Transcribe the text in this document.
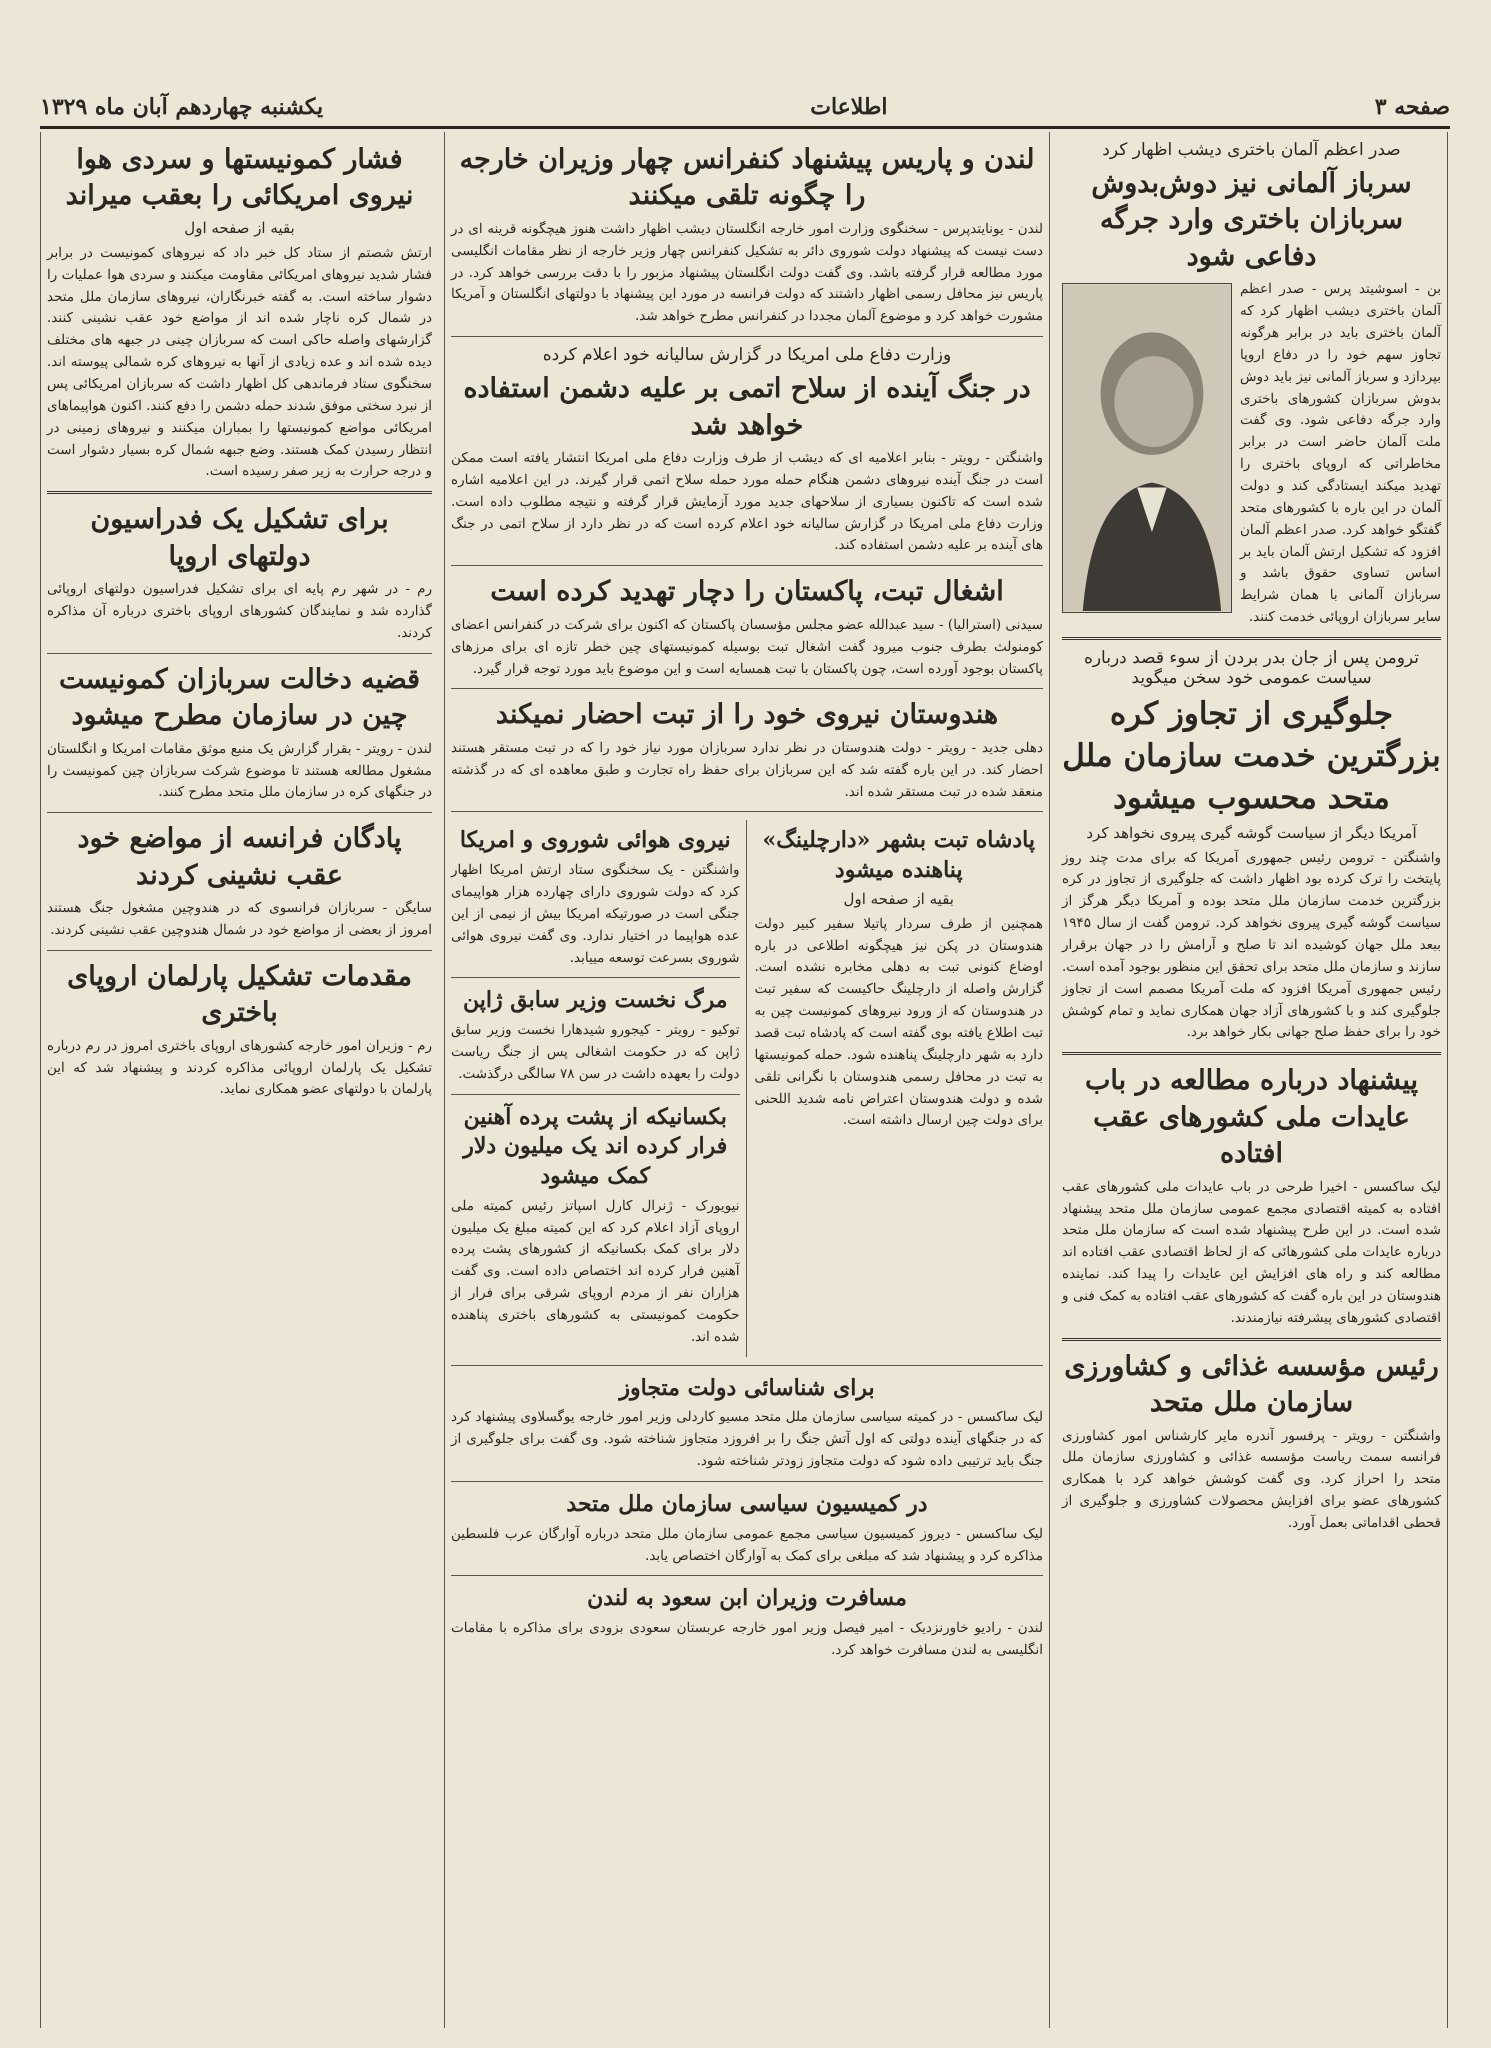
صفحه ۳
اطلاعات
یکشنبه چهاردهم آبان ماه ۱۳۲۹
صدر اعظم آلمان باختری دیشب اظهار کرد
سرباز آلمانی نیز دوش‌بدوش سربازان باختری وارد جرگه دفاعی شود
بن - اسوشیتد پرس - صدر اعظم آلمان باختری دیشب اظهار کرد که آلمان باختری باید در برابر هرگونه تجاوز سهم خود را در دفاع اروپا بپردازد و سرباز آلمانی نیز باید دوش بدوش سربازان کشورهای باختری وارد جرگه دفاعی شود. وی گفت ملت آلمان حاضر است در برابر مخاطراتی که اروپای باختری را تهدید میکند ایستادگی کند و دولت آلمان در این باره با کشورهای متحد گفتگو خواهد کرد. صدر اعظم آلمان افزود که تشکیل ارتش آلمان باید بر اساس تساوی حقوق باشد و سربازان آلمانی با همان شرایط سایر سربازان اروپائی خدمت کنند.
ترومن پس از جان بدر بردن از سوء قصد درباره سیاست عمومی خود سخن میگوید
جلوگیری از تجاوز کره بزرگترین خدمت سازمان ملل متحد محسوب میشود
آمریکا دیگر از سیاست گوشه گیری پیروی نخواهد کرد
واشنگتن - ترومن رئیس جمهوری آمریکا که برای مدت چند روز پایتخت را ترک کرده بود اظهار داشت که جلوگیری از تجاوز در کره بزرگترین خدمت سازمان ملل متحد بوده و آمریکا دیگر هرگز از سیاست گوشه گیری پیروی نخواهد کرد. ترومن گفت از سال ۱۹۴۵ ببعد ملل جهان کوشیده اند تا صلح و آرامش را در جهان برقرار سازند و سازمان ملل متحد برای تحقق این منظور بوجود آمده است. رئیس جمهوری آمریکا افزود که ملت آمریکا مصمم است از تجاوز جلوگیری کند و با کشورهای آزاد جهان همکاری نماید و تمام کوشش خود را برای حفظ صلح جهانی بکار خواهد برد.
پیشنهاد درباره مطالعه در باب عایدات ملی کشورهای عقب افتاده
لیک ساکسس - اخیرا طرحی در باب عایدات ملی کشورهای عقب افتاده به کمیته اقتصادی مجمع عمومی سازمان ملل متحد پیشنهاد شده است. در این طرح پیشنهاد شده است که سازمان ملل متحد درباره عایدات ملی کشورهائی که از لحاظ اقتصادی عقب افتاده اند مطالعه کند و راه های افزایش این عایدات را پیدا کند. نماینده هندوستان در این باره گفت که کشورهای عقب افتاده به کمک فنی و اقتصادی کشورهای پیشرفته نیازمندند.
رئیس مؤسسه غذائی و کشاورزی سازمان ملل متحد
واشنگتن - رویتر - پرفسور آندره مایر کارشناس امور کشاورزی فرانسه سمت ریاست مؤسسه غذائی و کشاورزی سازمان ملل متحد را احراز کرد. وی گفت کوشش خواهد کرد با همکاری کشورهای عضو برای افزایش محصولات کشاورزی و جلوگیری از قحطی اقداماتی بعمل آورد.
لندن و پاریس پیشنهاد کنفرانس چهار وزیران خارجه را چگونه تلقی میکنند
لندن - یونایتدپرس - سخنگوی وزارت امور خارجه انگلستان دیشب اظهار داشت هنوز هیچگونه قرینه ای در دست نیست که پیشنهاد دولت شوروی دائر به تشکیل کنفرانس چهار وزیر خارجه از نظر مقامات انگلیسی مورد مطالعه قرار گرفته باشد. وی گفت دولت انگلستان پیشنهاد مزبور را با دقت بررسی خواهد کرد. در پاریس نیز محافل رسمی اظهار داشتند که دولت فرانسه در مورد این پیشنهاد با دولتهای انگلستان و آمریکا مشورت خواهد کرد و موضوع آلمان مجددا در کنفرانس مطرح خواهد شد.
وزارت دفاع ملی امریکا در گزارش سالیانه خود اعلام کرده
در جنگ آینده از سلاح اتمی بر علیه دشمن استفاده خواهد شد
واشنگتن - رویتر - بنابر اعلامیه ای که دیشب از طرف وزارت دفاع ملی امریکا انتشار یافته است ممکن است در جنگ آینده نیروهای دشمن هنگام حمله مورد حمله سلاح اتمی قرار گیرند. در این اعلامیه اشاره شده است که تاکنون بسیاری از سلاحهای جدید مورد آزمایش قرار گرفته و نتیجه مطلوب داده است. وزارت دفاع ملی امریکا در گزارش سالیانه خود اعلام کرده است که در نظر دارد از سلاح اتمی در جنگ های آینده بر علیه دشمن استفاده کند.
اشغال تبت، پاکستان را دچار تهدید کرده است
سیدنی (استرالیا) - سید عبدالله عضو مجلس مؤسسان پاکستان که اکنون برای شرکت در کنفرانس اعضای کومنولث بطرف جنوب میرود گفت اشغال تبت بوسیله کمونیستهای چین خطر تازه ای برای مرزهای پاکستان بوجود آورده است، چون پاکستان با تبت همسایه است و این موضوع باید مورد توجه قرار گیرد.
هندوستان نیروی خود را از تبت احضار نمیکند
دهلی جدید - رویتر - دولت هندوستان در نظر ندارد سربازان مورد نیاز خود را که در تبت مستقر هستند احضار کند. در این باره گفته شد که این سربازان برای حفظ راه تجارت و طبق معاهده ای که در گذشته منعقد شده در تبت مستقر شده اند.
پادشاه تبت بشهر «دارچلینگ» پناهنده میشود
بقیه از صفحه اول
همچنین از طرف سردار پاتیلا سفیر کبیر دولت هندوستان در پکن نیز هیچگونه اطلاعی در باره اوضاع کنونی تبت به دهلی مخابره نشده است. گزارش واصله از دارچلینگ حاکیست که سفیر تبت در هندوستان که از ورود نیروهای کمونیست چین به تبت اطلاع یافته بوی گفته است که پادشاه تبت قصد دارد به شهر دارچلینگ پناهنده شود. حمله کمونیستها به تبت در محافل رسمی هندوستان با نگرانی تلقی شده و دولت هندوستان اعتراض نامه شدید اللحنی برای دولت چین ارسال داشته است.
نیروی هوائی شوروی و امریکا
واشنگتن - یک سخنگوی ستاد ارتش امریکا اظهار کرد که دولت شوروی دارای چهارده هزار هواپیمای جنگی است در صورتیکه امریکا بیش از نیمی از این عده هواپیما در اختیار ندارد. وی گفت نیروی هوائی شوروی بسرعت توسعه مییابد.
مرگ نخست وزیر سابق ژاپن
توکیو - رویتر - کیجورو شیدهارا نخست وزیر سابق ژاپن که در حکومت اشغالی پس از جنگ ریاست دولت را بعهده داشت در سن ۷۸ سالگی درگذشت.
بکسانیکه از پشت پرده آهنین فرار کرده اند یک میلیون دلار کمک میشود
نیویورک - ژنرال کارل اسپاتز رئیس کمیته ملی اروپای آزاد اعلام کرد که این کمیته مبلغ یک میلیون دلار برای کمک بکسانیکه از کشورهای پشت پرده آهنین فرار کرده اند اختصاص داده است. وی گفت هزاران نفر از مردم اروپای شرقی برای فرار از حکومت کمونیستی به کشورهای باختری پناهنده شده اند.
برای شناسائی دولت متجاوز
لیک ساکسس - در کمیته سیاسی سازمان ملل متحد مسیو کاردلی وزیر امور خارجه یوگسلاوی پیشنهاد کرد که در جنگهای آینده دولتی که اول آتش جنگ را بر افروزد متجاوز شناخته شود. وی گفت برای جلوگیری از جنگ باید ترتیبی داده شود که دولت متجاوز زودتر شناخته شود.
در کمیسیون سیاسی سازمان ملل متحد
لیک ساکسس - دیروز کمیسیون سیاسی مجمع عمومی سازمان ملل متحد درباره آوارگان عرب فلسطین مذاکره کرد و پیشنهاد شد که مبلغی برای کمک به آوارگان اختصاص یابد.
مسافرت وزیران ابن سعود به لندن
لندن - رادیو خاورنزدیک - امیر فیصل وزیر امور خارجه عربستان سعودی بزودی برای مذاکره با مقامات انگلیسی به لندن مسافرت خواهد کرد.
فشار کمونیستها و سردی هوا نیروی امریکائی را بعقب میراند
بقیه از صفحه اول
ارتش شصتم از ستاد کل خبر داد که نیروهای کمونیست در برابر فشار شدید نیروهای امریکائی مقاومت میکنند و سردی هوا عملیات را دشوار ساخته است. به گفته خبرنگاران، نیروهای سازمان ملل متحد در شمال کره ناچار شده اند از مواضع خود عقب نشینی کنند. گزارشهای واصله حاکی است که سربازان چینی در جبهه های مختلف دیده شده اند و عده زیادی از آنها به نیروهای کره شمالی پیوسته اند. سخنگوی ستاد فرماندهی کل اظهار داشت که سربازان امریکائی پس از نبرد سختی موفق شدند حمله دشمن را دفع کنند. اکنون هواپیماهای امریکائی مواضع کمونیستها را بمباران میکنند و نیروهای زمینی در انتظار رسیدن کمک هستند. وضع جبهه شمال کره بسیار دشوار است و درجه حرارت به زیر صفر رسیده است.
برای تشکیل یک فدراسیون دولتهای اروپا
رم - در شهر رم پایه ای برای تشکیل فدراسیون دولتهای اروپائی گذارده شد و نمایندگان کشورهای اروپای باختری درباره آن مذاکره کردند.
قضیه دخالت سربازان کمونیست چین در سازمان مطرح میشود
لندن - رویتر - بقرار گزارش یک منبع موثق مقامات امریکا و انگلستان مشغول مطالعه هستند تا موضوع شرکت سربازان چین کمونیست را در جنگهای کره در سازمان ملل متحد مطرح کنند.
پادگان فرانسه از مواضع خود عقب نشینی کردند
سایگن - سربازان فرانسوی که در هندوچین مشغول جنگ هستند امروز از بعضی از مواضع خود در شمال هندوچین عقب نشینی کردند.
مقدمات تشکیل پارلمان اروپای باختری
رم - وزیران امور خارجه کشورهای اروپای باختری امروز در رم درباره تشکیل یک پارلمان اروپائی مذاکره کردند و پیشنهاد شد که این پارلمان با دولتهای عضو همکاری نماید.
